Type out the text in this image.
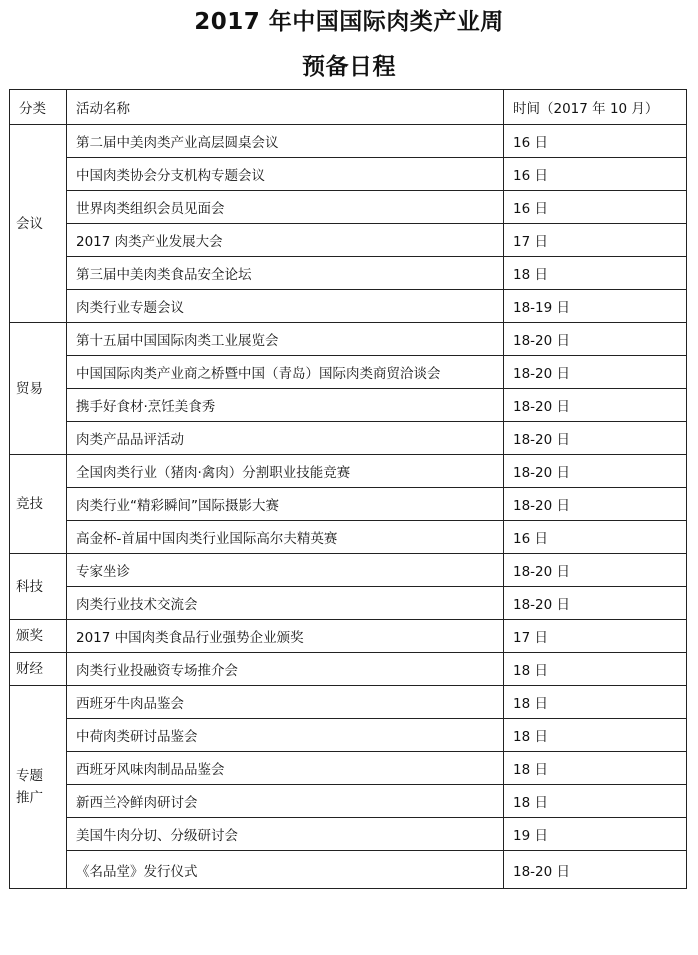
2017 年中国国际肉类产业周
预备日程
分类	活动名称	时间（2017 年 10 月）
会议	第二届中美肉类产业高层圆桌会议	16 日
	中国肉类协会分支机构专题会议	16 日
	世界肉类组织会员见面会	16 日
	2017 肉类产业发展大会	17 日
	第三届中美肉类食品安全论坛	18 日
	肉类行业专题会议	18-19 日
贸易	第十五届中国国际肉类工业展览会	18-20 日
	中国国际肉类产业商之桥暨中国（青岛）国际肉类商贸洽谈会	18-20 日
	携手好食材·烹饪美食秀	18-20 日
	肉类产品品评活动	18-20 日
竞技	全国肉类行业（猪肉·禽肉）分割职业技能竞赛	18-20 日
	肉类行业“精彩瞬间”国际摄影大赛	18-20 日
	高金杯-首届中国肉类行业国际高尔夫精英赛	16 日
科技	专家坐诊	18-20 日
	肉类行业技术交流会	18-20 日
颁奖	2017 中国肉类食品行业强势企业颁奖	17 日
财经	肉类行业投融资专场推介会	18 日
专题推广	西班牙牛肉品鉴会	18 日
	中荷肉类研讨品鉴会	18 日
	西班牙风味肉制品品鉴会	18 日
	新西兰冷鲜肉研讨会	18 日
	美国牛肉分切、分级研讨会	19 日
	《名品堂》发行仪式	18-20 日
